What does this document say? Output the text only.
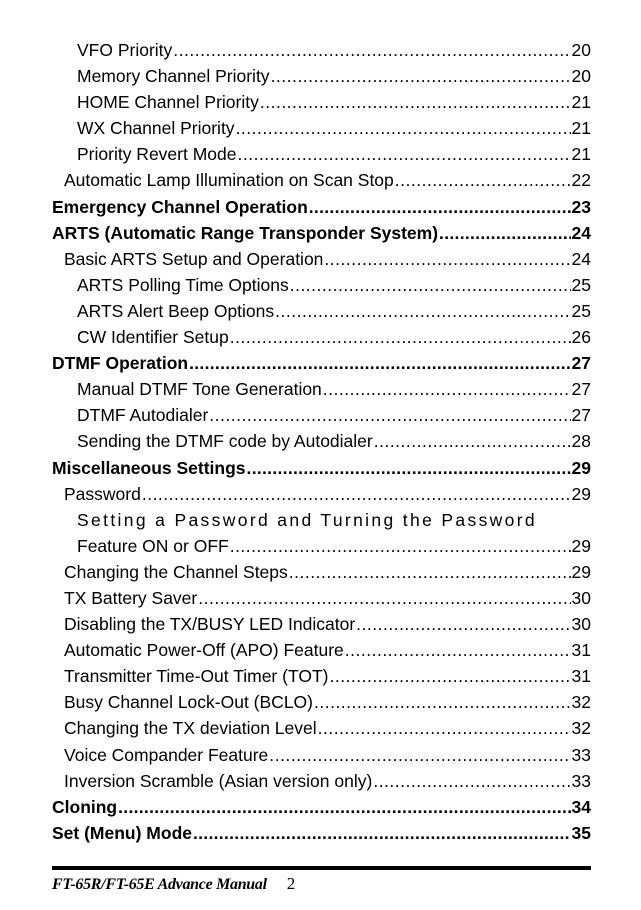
VFO Priority .....	20
Memory Channel Priority .....	20
HOME Channel Priority .....	21
WX Channel Priority .....	21
Priority Revert Mode .....	21
Automatic Lamp Illumination on Scan Stop .....	22
Emergency Channel Operation .....	23
ARTS (Automatic Range Transponder System) .....	24
Basic ARTS Setup and Operation .....	24
ARTS Polling Time Options .....	25
ARTS Alert Beep Options .....	25
CW Identifier Setup .....	26
DTMF Operation .....	27
Manual DTMF Tone Generation .....	27
DTMF Autodialer .....	27
Sending the DTMF code by Autodialer .....	28
Miscellaneous Settings .....	29
Password .....	29
Setting a Password and Turning the Password
Feature ON or OFF .....	29
Changing the Channel Steps .....	29
TX Battery Saver .....	30
Disabling the TX/BUSY LED Indicator .....	30
Automatic Power-Off (APO) Feature .....	31
Transmitter Time-Out Timer (TOT) .....	31
Busy Channel Lock-Out (BCLO) .....	32
Changing the TX deviation Level .....	32
Voice Compander Feature .....	33
Inversion Scramble (Asian version only) .....	33
Cloning .....	34
Set (Menu) Mode .....	35
FT-65R/FT-65E Advance Manual 2
